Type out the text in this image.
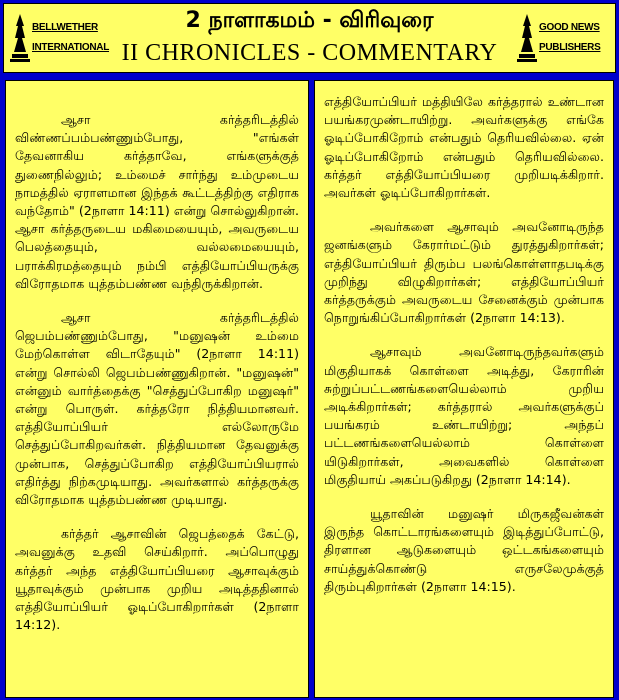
BELLWETHER
INTERNATIONAL
2 நாளாகமம் - விரிவுரை
II CHRONICLES - COMMENTARY
GOOD NEWS
PUBLISHERS

ஆசா கர்த்தரிடத்தில் விண்ணப்பம்பண்ணும்போது, "எங்கள் தேவனாகிய கர்த்தாவே, எங்களுக்குத் துணைநில்லும்; உம்மைச் சார்ந்து உம்முடைய நாமத்தில் ஏராளமான இந்தக் கூட்டத்திற்கு எதிராக வந்தோம்" (2நாளா 14:11) என்று சொல்லுகிறான். ஆசா கர்த்தருடைய மகிமையையும், அவருடைய பெலத்தையும், வல்லமையையும், பராக்கிரமத்தையும் நம்பி எத்தியோப்பியருக்கு விரோதமாக யுத்தம்பண்ண வந்திருக்கிறான்.

ஆசா கர்த்தரிடத்தில் ஜெபம்பண்ணும்போது, "மனுஷன் உம்மை மேற்கொள்ள விடாதேயும்" (2நாளா 14:11) என்று சொல்லி ஜெபம்பண்ணுகிறான். "மனுஷன்" என்னும் வார்த்தைக்கு "செத்துப்போகிற மனுஷர்" என்று பொருள். கர்த்தரோ நித்தியமானவர். எத்தியோப்பியர் எல்லோருமே செத்துப்போகிறவர்கள். நித்தியமான தேவனுக்கு முன்பாக, செத்துப்போகிற எத்தியோப்பியரால் எதிர்த்து நிற்கமுடியாது. அவர்களால் கர்த்தருக்கு விரோதமாக யுத்தம்பண்ண முடியாது.

கர்த்தர் ஆசாவின் ஜெபத்தைக் கேட்டு, அவனுக்கு உதவி செய்கிறார். அப்பொழுது கர்த்தர் அந்த எத்தியோப்பியரை ஆசாவுக்கும் யூதாவுக்கும் முன்பாக முறிய அடித்ததினால் எத்தியோப்பியர் ஓடிப்போகிறார்கள் (2நாளா 14:12).

எத்தியோப்பியர் மத்தியிலே கர்த்தரால் உண்டான பயங்கரமுண்டாயிற்று. அவர்களுக்கு எங்கே ஓடிப்போகிறோம் என்பதும் தெரியவில்லை. ஏன் ஓடிப்போகிறோம் என்பதும் தெரியவில்லை. கர்த்தர் எத்தியோப்பியரை முறியடிக்கிறார். அவர்கள் ஓடிப்போகிறார்கள்.

அவர்களை ஆசாவும் அவனோடிருந்த ஜனங்களும் கேரார்மட்டும் துரத்துகிறார்கள்; எத்தியோப்பியர் திரும்ப பலங்கொள்ளாதபடிக்கு முறிந்து விழுகிறார்கள்; எத்தியோப்பியர் கர்த்தருக்கும் அவருடைய சேனைக்கும் முன்பாக நொறுங்கிப்போகிறார்கள் (2நாளா 14:13).

ஆசாவும் அவனோடிருந்தவர்களும் மிகுதியாகக் கொள்ளை அடித்து, கேராரின் சுற்றுப்பட்டணங்களையெல்லாம் முறிய அடிக்கிறார்கள்; கர்த்தரால் அவர்களுக்குப் பயங்கரம் உண்டாயிற்று; அந்தப் பட்டணங்களையெல்லாம் கொள்ளை யிடுகிறார்கள், அவைகளில் கொள்ளை மிகுதியாய் அகப்படுகிறது (2நாளா 14:14).

யூதாவின் மனுஷர் மிருகஜீவன்கள் இருந்த கொட்டாரங்களையும் இடித்துப்போட்டு, திரளான ஆடுகளையும் ஒட்டகங்களையும் சாய்த்துக்கொண்டு எருசலேமுக்குத் திரும்புகிறார்கள் (2நாளா 14:15).
